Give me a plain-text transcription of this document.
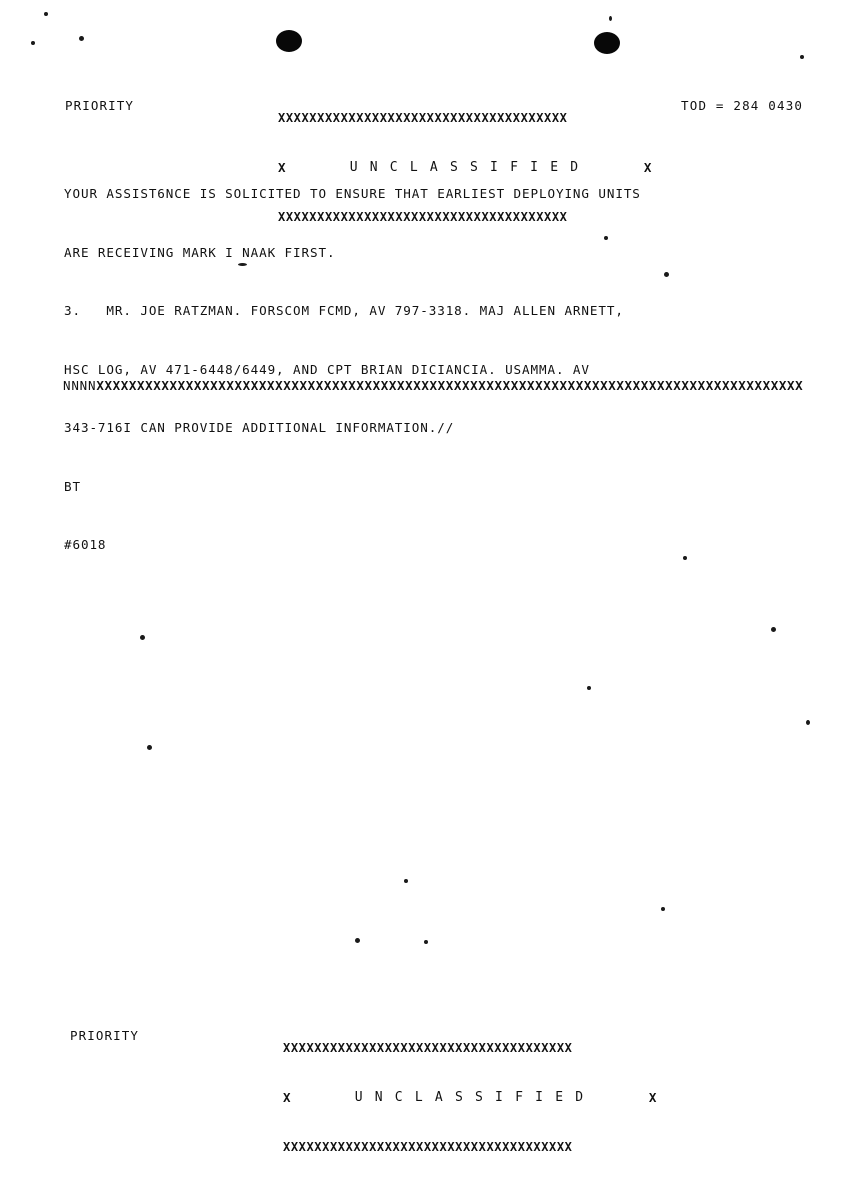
PRIORITY

XXXXXXXXXXXXXXXXXXXXXXXXXXXXXXXXXXXXX

X	U N C L A S S I F I E D	X

XXXXXXXXXXXXXXXXXXXXXXXXXXXXXXXXXXXXX

TOD = 284 0430

YOUR ASSIST6NCE IS SOLICITED TO ENSURE THAT EARLIEST DEPLOYING UNITS

ARE RECEIVING MARK I NAAK FIRST.

3.   MR. JOE RATZMAN. FORSCOM FCMD, AV 797-3318. MAJ ALLEN ARNETT,

HSC LOG, AV 471-6448/6449, AND CPT BRIAN DICIANCIA. USAMMA. AV

343-716I CAN PROVIDE ADDITIONAL INFORMATION.//

BT

#6018

NNNN XXXXXXXXXXXXXXXXXXXXXXXXXXXXXXXXXXXXXXXXXXXXXXXXXXXXXXXXXXXXXXXXXXXXXXXXXXXXXXXXXXXXXXX
PRIORITY

XXXXXXXXXXXXXXXXXXXXXXXXXXXXXXXXXXXXX

X	U N C L A S S I F I E D	X

XXXXXXXXXXXXXXXXXXXXXXXXXXXXXXXXXXXXX
